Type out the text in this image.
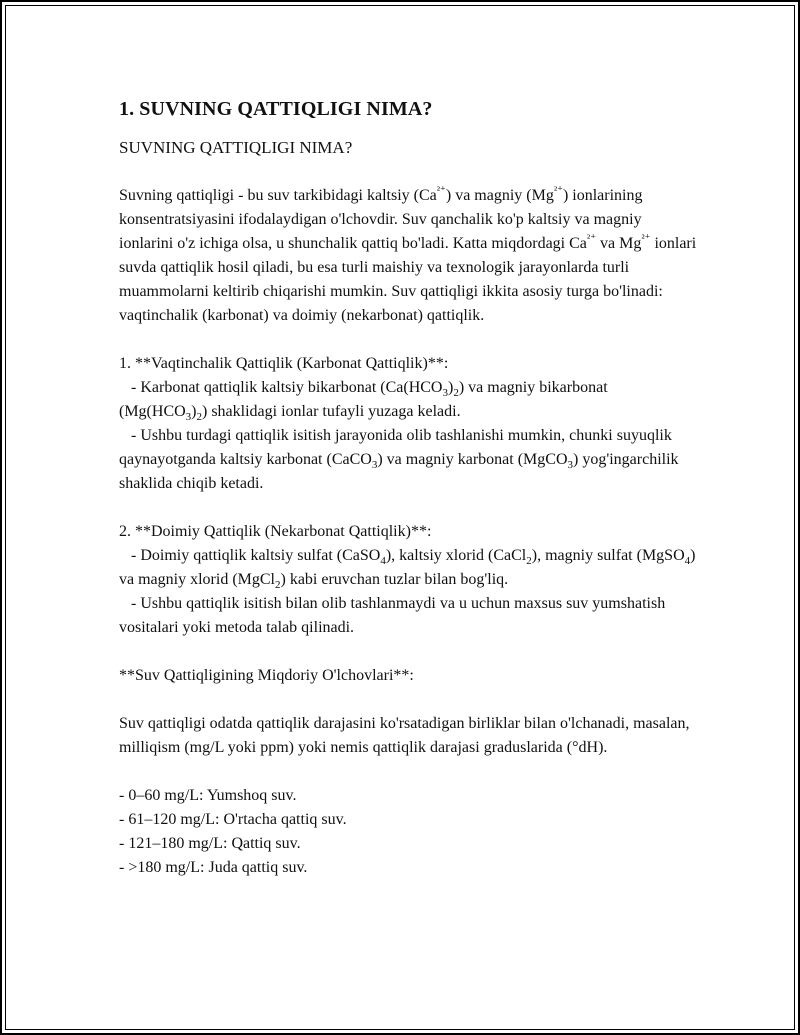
1. SUVNING QATTIQLIGI NIMA?

SUVNING QATTIQLIGI NIMA?

Suvning qattiqligi - bu suv tarkibidagi kaltsiy $(Ca^{^{2+}})$ va magniy $(Mg^{^{2+}})$ ionlarining konsentratsiyasini ifodalaydigan o'lchovdir. Suv qanchalik ko'p kaltsiy va magniy ionlarini o'z ichiga olsa, u shunchalik qattiq bo'ladi. Katta miqdordagi $Ca^{^{2+}}$ va $Mg^{^{2+}}$ ionlari suvda qattiqlik hosil qiladi, bu esa turli maishiy va texnologik jarayonlarda turli muammolarni keltirib chiqarishi mumkin. Suv qattiqligi ikkita asosiy turga bo'linadi: vaqtinchalik (karbonat) va doimiy (nekarbonat) qattiqlik.

1. **Vaqtinchalik Qattiqlik (Karbonat Qattiqlik)**:

- Karbonat qattiqlik kaltsiy bikarbonat $(Ca(HCO_3)_2)$ va magniy bikarbonat $(Mg(HCO_3)_2)$ shaklidagi ionlar tufayli yuzaga keladi.

- Ushbu turdagi qattiqlik isitish jarayonida olib tashlanishi mumkin, chunki suyuqlik qaynayotganda kaltsiy karbonat (CaCO$_3$) va magniy karbonat (MgCO$_3$) yog'ingarchilik shaklida chiqib ketadi.

2. **Doimiy Qattiqlik (Nekarbonat Qattiqlik)**:

- Doimiy qattiqlik kaltsiy sulfat (CaSO$_4$), kaltsiy xlorid (CaCl$_2$), magniy sulfat (MgSO$_4$) va magniy xlorid (MgCl$_2$) kabi eruvchan tuzlar bilan bog'liq.

- Ushbu qattiqlik isitish bilan olib tashlanmaydi va u uchun maxsus suv yumshatish vositalari yoki metoda talab qilinadi.

**Suv Qattiqligining Miqdoriy O'lchovlari**:

Suv qattiqligi odatda qattiqlik darajasini ko'rsatadigan birliklar bilan o'lchanadi, masalan, milliqism (mg/L yoki ppm) yoki nemis qattiqlik darajasi graduslarida (°dH).

- 0–60 mg/L: Yumshoq suv.

- 61–120 mg/L: O'rtacha qattiq suv.

- 121–180 mg/L: Qattiq suv.

- >180 mg/L: Juda qattiq suv.
